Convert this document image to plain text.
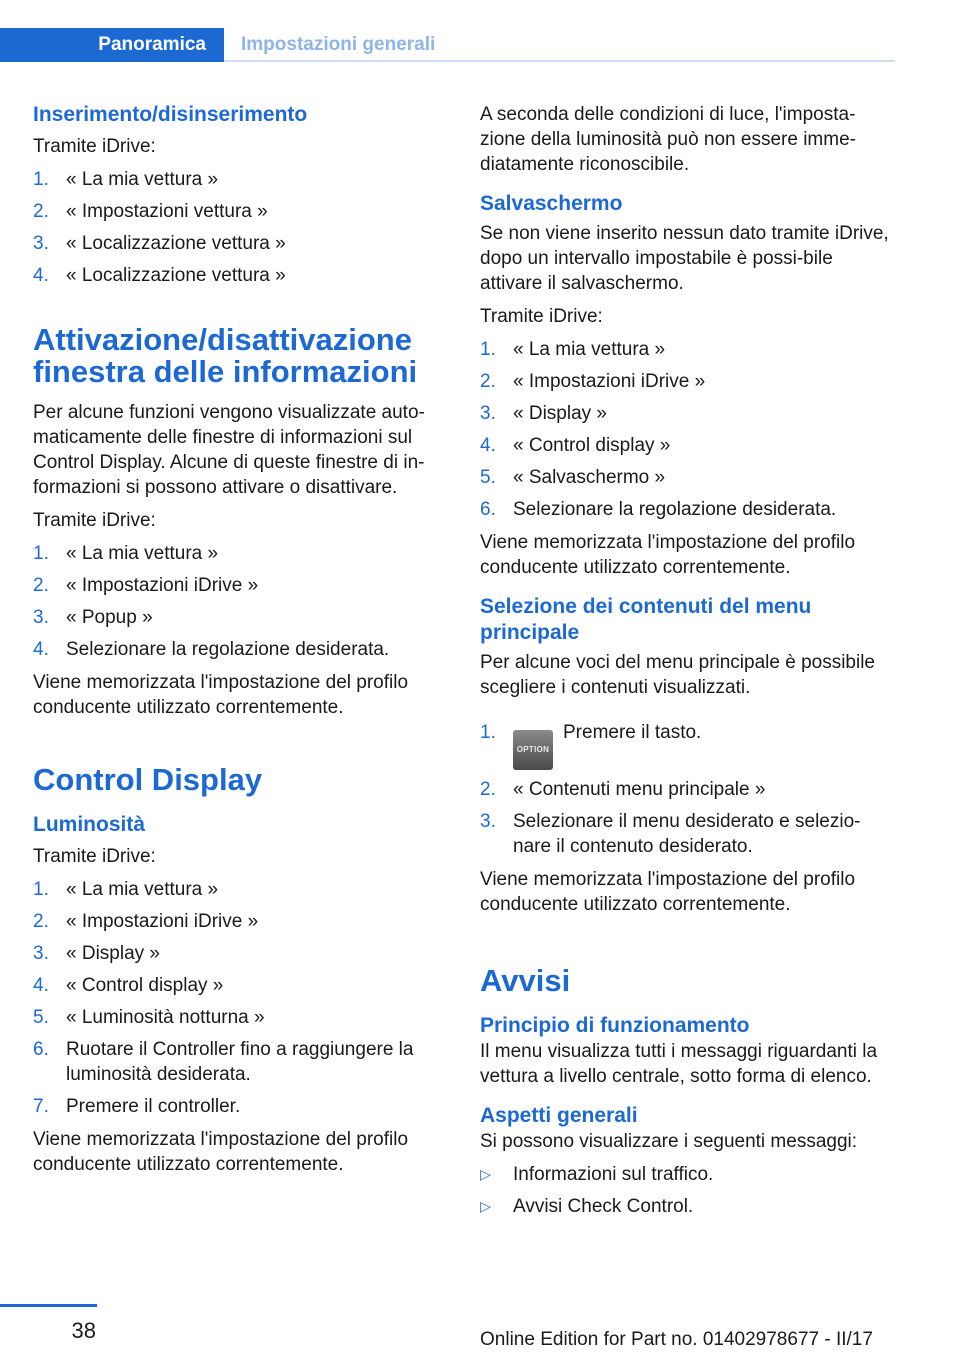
Panoramica	Impostazioni generali
Inserimento/disinserimento
Tramite iDrive:
1. « La mia vettura »
2. « Impostazioni vettura »
3. « Localizzazione vettura »
4. « Localizzazione vettura »
Attivazione/disattivazione finestra delle informazioni
Per alcune funzioni vengono visualizzate auto-maticamente delle finestre di informazioni sul Control Display. Alcune di queste finestre di in-formazioni si possono attivare o disattivare.
Tramite iDrive:
1. « La mia vettura »
2. « Impostazioni iDrive »
3. « Popup »
4. Selezionare la regolazione desiderata.
Viene memorizzata l'impostazione del profilo conducente utilizzato correntemente.
Control Display
Luminosità
Tramite iDrive:
1. « La mia vettura »
2. « Impostazioni iDrive »
3. « Display »
4. « Control display »
5. « Luminosità notturna »
6. Ruotare il Controller fino a raggiungere la luminosità desiderata.
7. Premere il controller.
Viene memorizzata l'impostazione del profilo conducente utilizzato correntemente.
A seconda delle condizioni di luce, l'imposta-zione della luminosità può non essere imme-diatamente riconoscibile.
Salvaschermo
Se non viene inserito nessun dato tramite iDrive, dopo un intervallo impostabile è possi-bile attivare il salvaschermo.
Tramite iDrive:
1. « La mia vettura »
2. « Impostazioni iDrive »
3. « Display »
4. « Control display »
5. « Salvaschermo »
6. Selezionare la regolazione desiderata.
Viene memorizzata l'impostazione del profilo conducente utilizzato correntemente.
Selezione dei contenuti del menu principale
Per alcune voci del menu principale è possibile scegliere i contenuti visualizzati.
1.
OPTIONPremere il tasto.
2. « Contenuti menu principale »
3. Selezionare il menu desiderato e selezio-nare il contenuto desiderato.
Viene memorizzata l'impostazione del profilo conducente utilizzato correntemente.
Avvisi
Principio di funzionamento
Il menu visualizza tutti i messaggi riguardanti la vettura a livello centrale, sotto forma di elenco.
Aspetti generali
Si possono visualizzare i seguenti messaggi:
▷	Informazioni sul traffico.
▷	Avvisi Check Control.
38	Online Edition for Part no. 01402978677 - II/17
